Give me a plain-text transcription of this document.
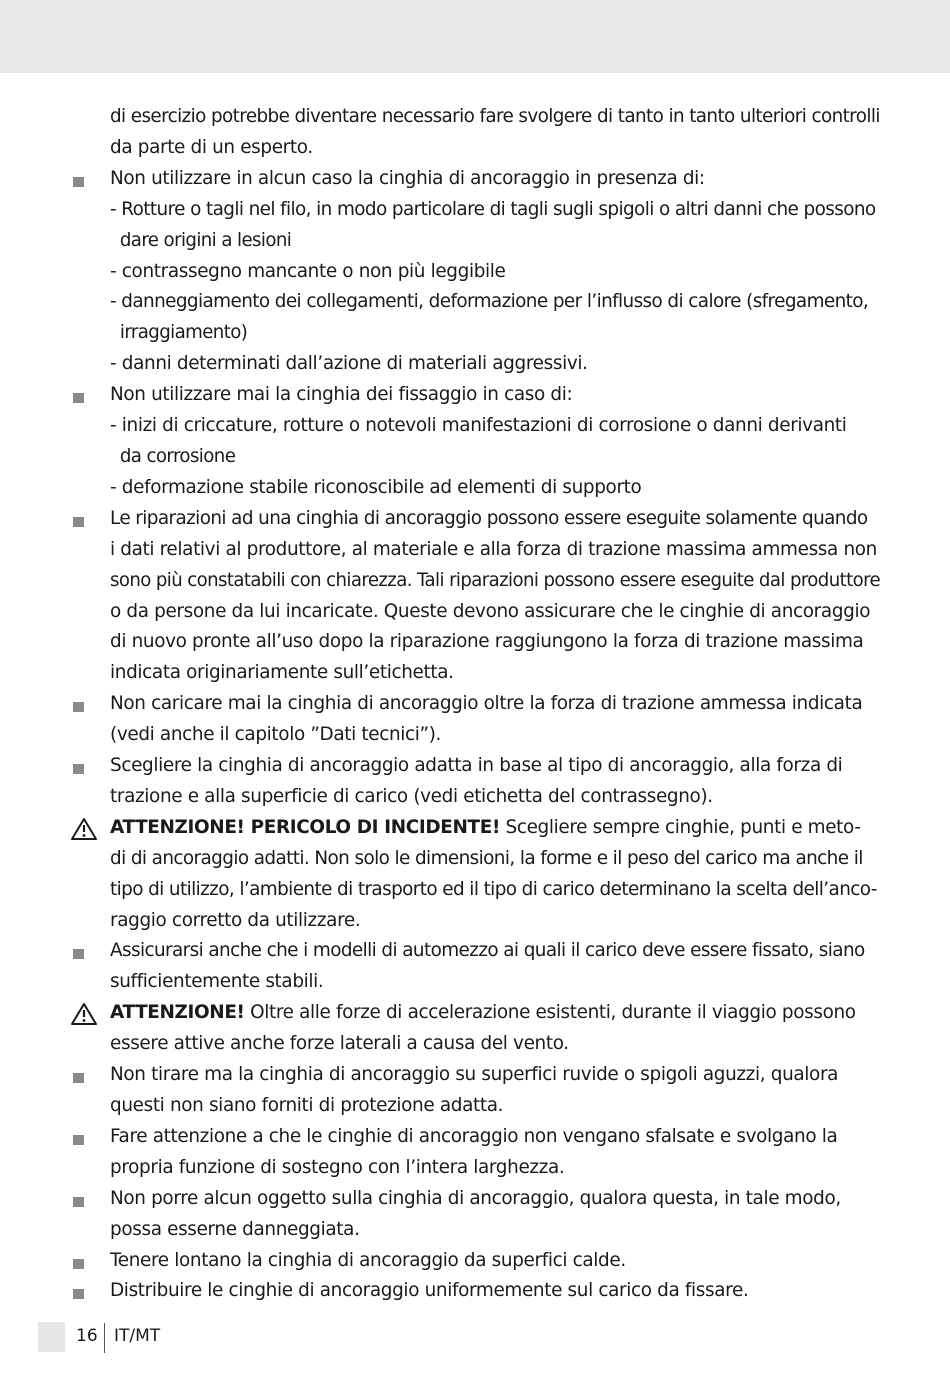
di esercizio potrebbe diventare necessario fare svolgere di tanto in tanto ulteriori controlli
da parte di un esperto.
Non utilizzare in alcun caso la cinghia di ancoraggio in presenza di:
- Rotture o tagli nel filo, in modo particolare di tagli sugli spigoli o altri danni che possono
dare origini a lesioni
- contrassegno mancante o non più leggibile
- danneggiamento dei collegamenti, deformazione per l’influsso di calore (sfregamento,
irraggiamento)
- danni determinati dall’azione di materiali aggressivi.
Non utilizzare mai la cinghia dei fissaggio in caso di:
- inizi di criccature, rotture o notevoli manifestazioni di corrosione o danni derivanti
da corrosione
- deformazione stabile riconoscibile ad elementi di supporto
Le riparazioni ad una cinghia di ancoraggio possono essere eseguite solamente quando
i dati relativi al produttore, al materiale e alla forza di trazione massima ammessa non
sono più constatabili con chiarezza. Tali riparazioni possono essere eseguite dal produttore
o da persone da lui incaricate. Queste devono assicurare che le cinghie di ancoraggio
di nuovo pronte all’uso dopo la riparazione raggiungono la forza di trazione massima
indicata originariamente sull’etichetta.
Non caricare mai la cinghia di ancoraggio oltre la forza di trazione ammessa indicata
(vedi anche il capitolo ”Dati tecnici”).
Scegliere la cinghia di ancoraggio adatta in base al tipo di ancoraggio, alla forza di
trazione e alla superficie di carico (vedi etichetta del contrassegno).
ATTENZIONE! PERICOLO DI INCIDENTE! Scegliere sempre cinghie, punti e meto-
di di ancoraggio adatti. Non solo le dimensioni, la forme e il peso del carico ma anche il
tipo di utilizzo, l’ambiente di trasporto ed il tipo di carico determinano la scelta dell’anco-
raggio corretto da utilizzare.
Assicurarsi anche che i modelli di automezzo ai quali il carico deve essere fissato, siano
sufficientemente stabili.
ATTENZIONE! Oltre alle forze di accelerazione esistenti, durante il viaggio possono
essere attive anche forze laterali a causa del vento.
Non tirare ma la cinghia di ancoraggio su superfici ruvide o spigoli aguzzi, qualora
questi non siano forniti di protezione adatta.
Fare attenzione a che le cinghie di ancoraggio non vengano sfalsate e svolgano la
propria funzione di sostegno con l’intera larghezza.
Non porre alcun oggetto sulla cinghia di ancoraggio, qualora questa, in tale modo,
possa esserne danneggiata.
Tenere lontano la cinghia di ancoraggio da superfici calde.
Distribuire le cinghie di ancoraggio uniformemente sul carico da fissare.
16 IT/MT
